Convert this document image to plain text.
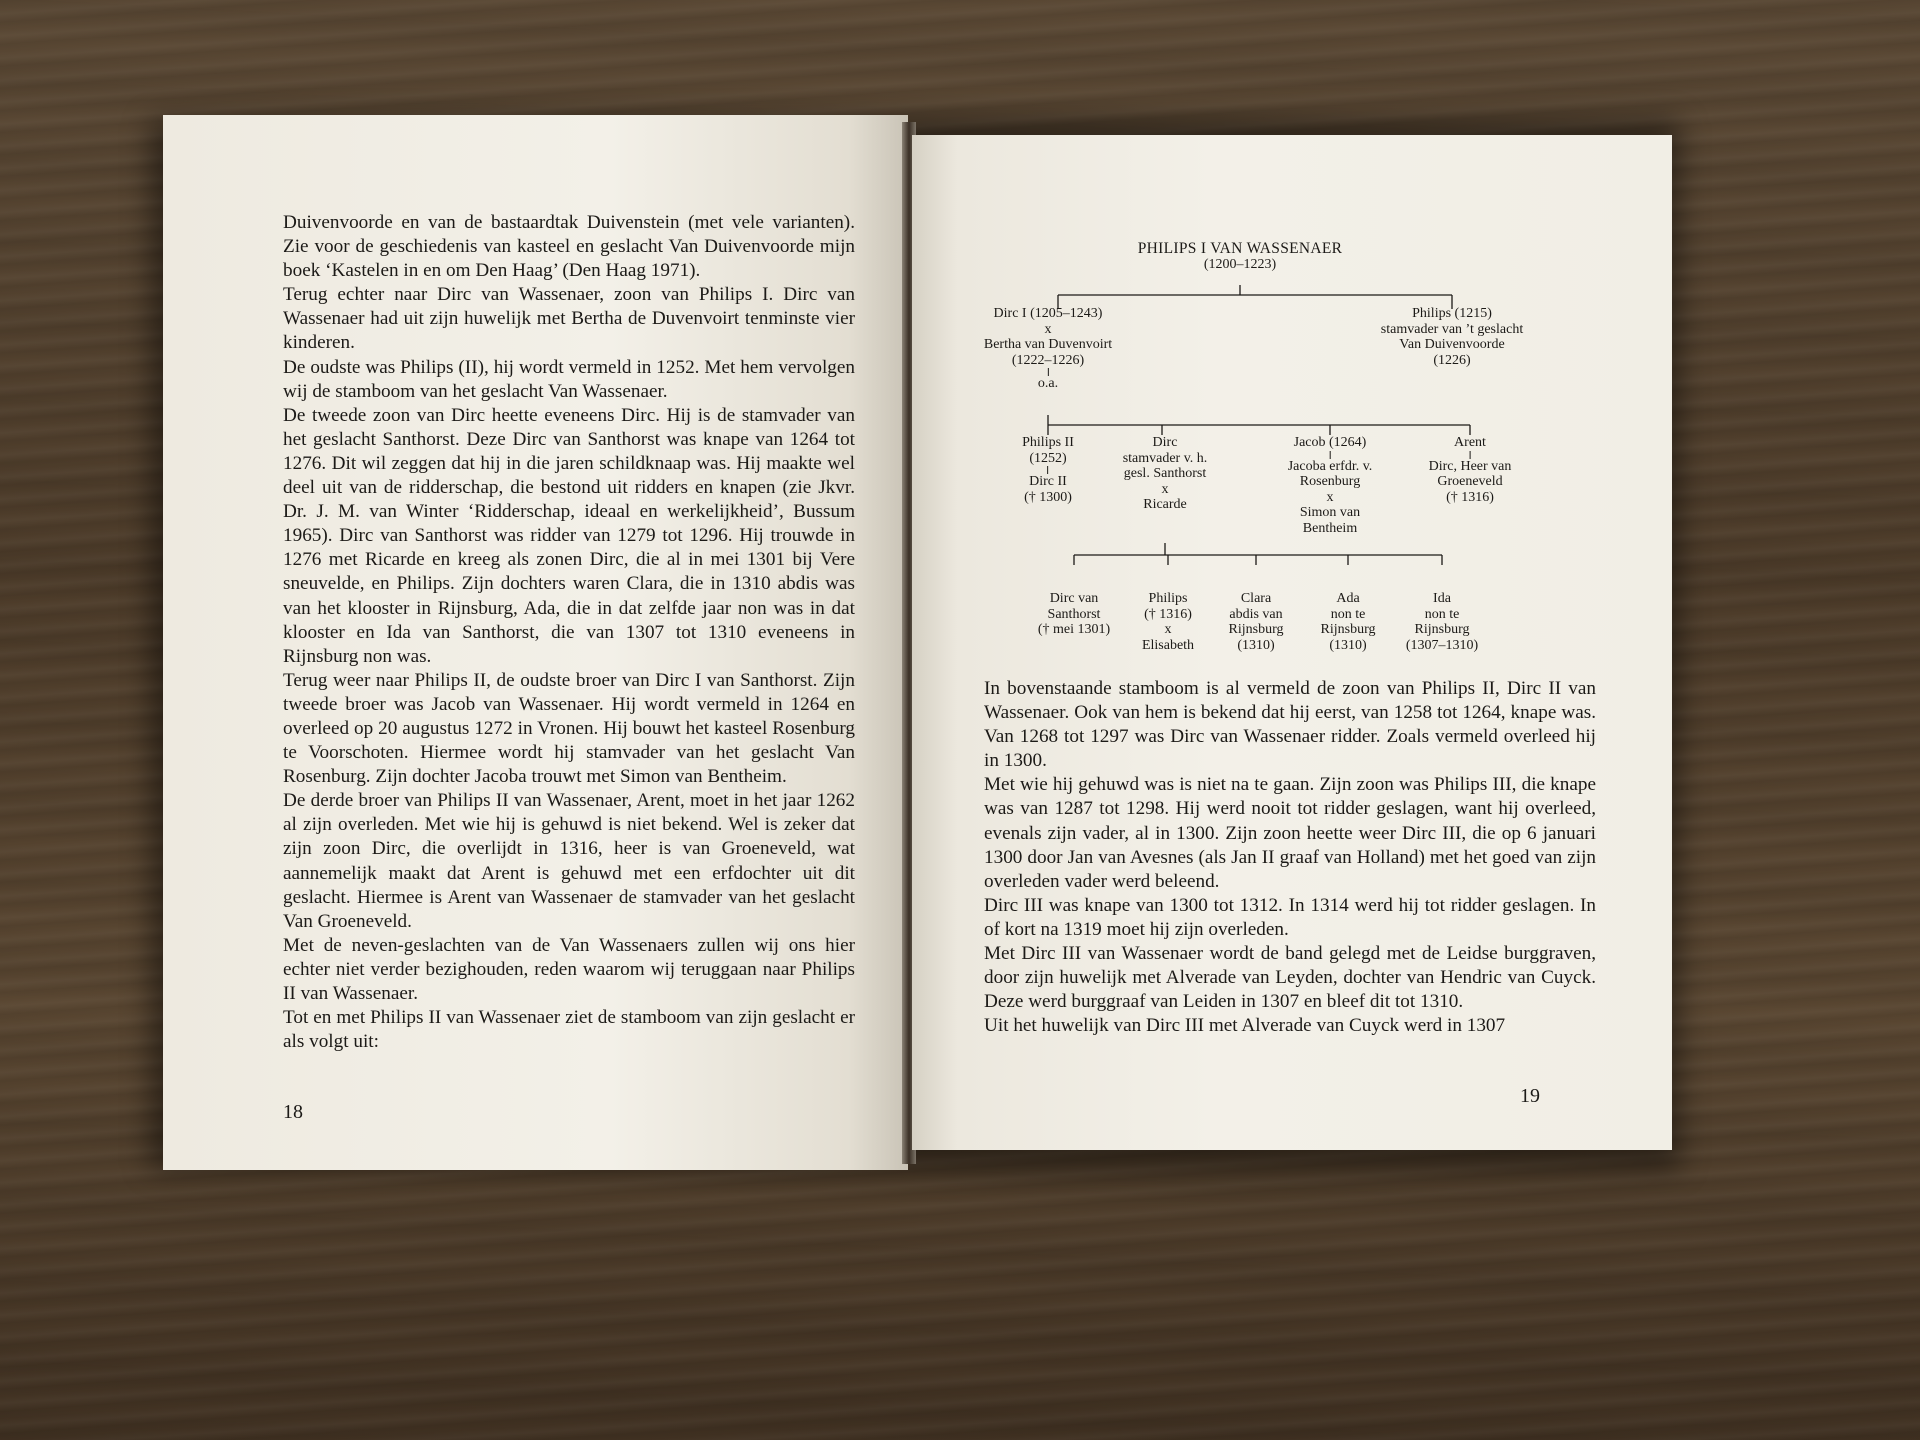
Duivenvoorde en van de bastaardtak Duivenstein (met vele varianten). Zie voor de geschiedenis van kasteel en geslacht Van Duivenvoorde mijn boek ‘Kastelen in en om Den Haag’ (Den Haag 1971).

Terug echter naar Dirc van Wassenaer, zoon van Philips I. Dirc van Wassenaer had uit zijn huwelijk met Bertha de Duvenvoirt tenminste vier kinderen.

De oudste was Philips (II), hij wordt vermeld in 1252. Met hem vervolgen wij de stamboom van het geslacht Van Wassenaer.

De tweede zoon van Dirc heette eveneens Dirc. Hij is de stamvader van het geslacht Santhorst. Deze Dirc van Santhorst was knape van 1264 tot 1276. Dit wil zeggen dat hij in die jaren schildknaap was. Hij maakte wel deel uit van de ridderschap, die bestond uit ridders en knapen (zie Jkvr. Dr. J. M. van Winter ‘Ridderschap, ideaal en werkelijkheid’, Bussum 1965). Dirc van Santhorst was ridder van 1279 tot 1296. Hij trouwde in 1276 met Ricarde en kreeg als zonen Dirc, die al in mei 1301 bij Vere sneuvelde, en Philips. Zijn dochters waren Clara, die in 1310 abdis was van het klooster in Rijnsburg, Ada, die in dat zelfde jaar non was in dat klooster en Ida van Santhorst, die van 1307 tot 1310 eveneens in Rijnsburg non was.

Terug weer naar Philips II, de oudste broer van Dirc I van Santhorst. Zijn tweede broer was Jacob van Wassenaer. Hij wordt vermeld in 1264 en overleed op 20 augustus 1272 in Vronen. Hij bouwt het kasteel Rosenburg te Voorschoten. Hiermee wordt hij stamvader van het geslacht Van Rosenburg. Zijn dochter Jacoba trouwt met Simon van Bentheim.

De derde broer van Philips II van Wassenaer, Arent, moet in het jaar 1262 al zijn overleden. Met wie hij is gehuwd is niet bekend. Wel is zeker dat zijn zoon Dirc, die overlijdt in 1316, heer is van Groeneveld, wat aannemelijk maakt dat Arent is gehuwd met een erfdochter uit dit geslacht. Hiermee is Arent van Wassenaer de stamvader van het geslacht Van Groeneveld.

Met de neven-geslachten van de Van Wassenaers zullen wij ons hier echter niet verder bezighouden, reden waarom wij teruggaan naar Philips II van Wassenaer.

Tot en met Philips II van Wassenaer ziet de stamboom van zijn geslacht er als volgt uit:

18
PHILIPS I VAN WASSENAER
(1200–1223)
Dirc I (1205–1243)
x
Bertha van Duvenvoirt
(1222–1226)
o.a.
Philips (1215)
stamvader van ’t geslacht
Van Duivenvoorde
(1226)
Philips II
(1252)
Dirc II
(† 1300)
Dirc
stamvader v. h.
gesl. Santhorst
x
Ricarde
Jacob (1264)
Jacoba erfdr. v.
Rosenburg
x
Simon van
Bentheim
Arent
Dirc, Heer van
Groeneveld
(† 1316)
Dirc van
Santhorst
(† mei 1301)
Philips
(† 1316)
x
Elisabeth
Clara
abdis van
Rijnsburg
(1310)
Ada
non te
Rijnsburg
(1310)
Ida
non te
Rijnsburg
(1307–1310)

In bovenstaande stamboom is al vermeld de zoon van Philips II, Dirc II van Wassenaer. Ook van hem is bekend dat hij eerst, van 1258 tot 1264, knape was. Van 1268 tot 1297 was Dirc van Wassenaer ridder. Zoals vermeld overleed hij in 1300.

Met wie hij gehuwd was is niet na te gaan. Zijn zoon was Philips III, die knape was van 1287 tot 1298. Hij werd nooit tot ridder geslagen, want hij overleed, evenals zijn vader, al in 1300. Zijn zoon heette weer Dirc III, die op 6 januari 1300 door Jan van Avesnes (als Jan II graaf van Holland) met het goed van zijn overleden vader werd beleend.

Dirc III was knape van 1300 tot 1312. In 1314 werd hij tot ridder geslagen. In of kort na 1319 moet hij zijn overleden.

Met Dirc III van Wassenaer wordt de band gelegd met de Leidse burggraven, door zijn huwelijk met Alverade van Leyden, dochter van Hendric van Cuyck. Deze werd burggraaf van Leiden in 1307 en bleef dit tot 1310.

Uit het huwelijk van Dirc III met Alverade van Cuyck werd in 1307

19
